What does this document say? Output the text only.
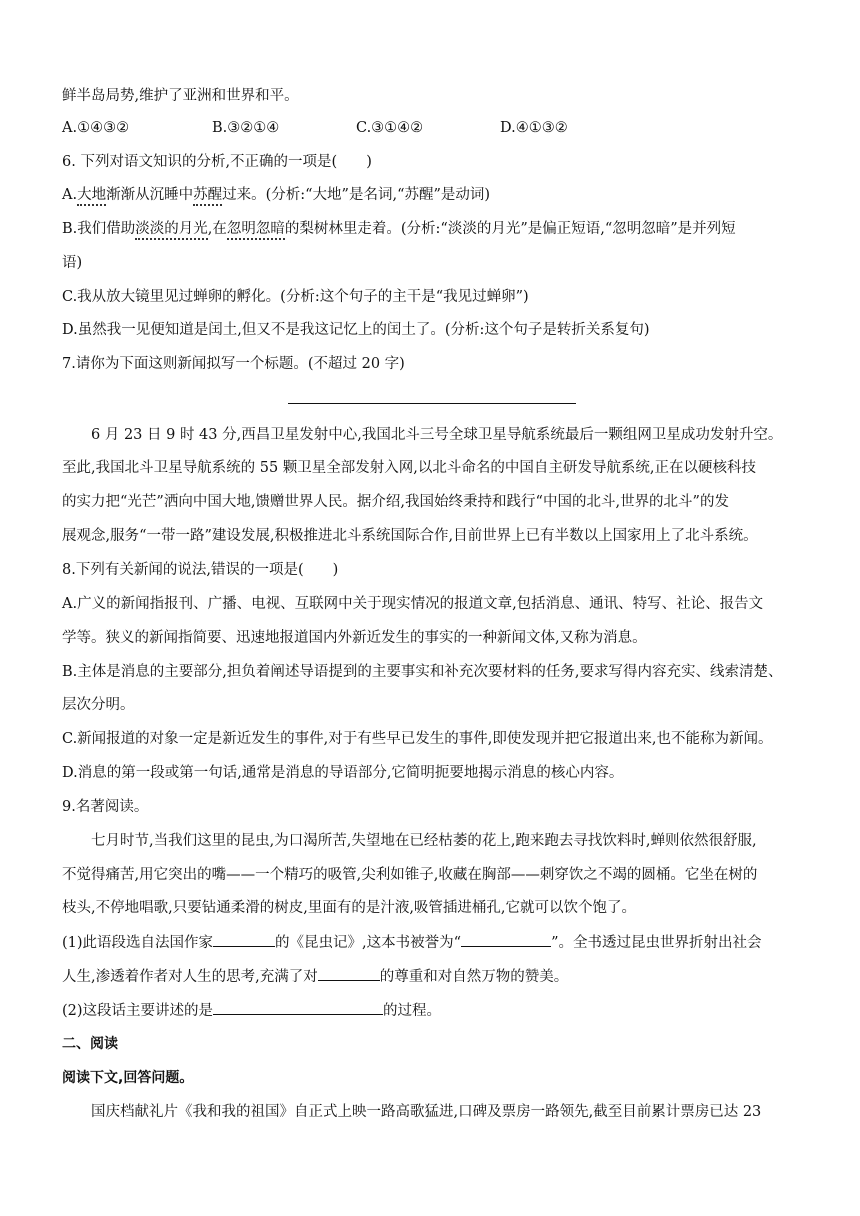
鲜半岛局势,维护了亚洲和世界和平。
A.①④③②	B.③②①④	C.③①④②	D.④①③②
6. 下列对语文知识的分析,不正确的一项是(　　)
A.大地渐渐从沉睡中苏醒过来。(分析:“大地”是名词,“苏醒”是动词)
B.我们借助淡淡的月光,在忽明忽暗的梨树林里走着。(分析:“淡淡的月光”是偏正短语,“忽明忽暗”是并列短
语)
C.我从放大镜里见过蝉卵的孵化。(分析:这个句子的主干是“我见过蝉卵”)
D.虽然我一见便知道是闰土,但又不是我这记忆上的闰土了。(分析:这个句子是转折关系复句)
7.请你为下面这则新闻拟写一个标题。(不超过 20 字)
6 月 23 日 9 时 43 分,西昌卫星发射中心,我国北斗三号全球卫星导航系统最后一颗组网卫星成功发射升空。
至此,我国北斗卫星导航系统的 55 颗卫星全部发射入网,以北斗命名的中国自主研发导航系统,正在以硬核科技
的实力把“光芒”洒向中国大地,馈赠世界人民。据介绍,我国始终秉持和践行“中国的北斗,世界的北斗”的发
展观念,服务“一带一路”建设发展,积极推进北斗系统国际合作,目前世界上已有半数以上国家用上了北斗系统。
8.下列有关新闻的说法,错误的一项是(　　)
A.广义的新闻指报刊、广播、电视、互联网中关于现实情况的报道文章,包括消息、通讯、特写、社论、报告文
学等。狭义的新闻指简要、迅速地报道国内外新近发生的事实的一种新闻文体,又称为消息。
B.主体是消息的主要部分,担负着阐述导语提到的主要事实和补充次要材料的任务,要求写得内容充实、线索清楚、
层次分明。
C.新闻报道的对象一定是新近发生的事件,对于有些早已发生的事件,即使发现并把它报道出来,也不能称为新闻。
D.消息的第一段或第一句话,通常是消息的导语部分,它简明扼要地揭示消息的核心内容。
9.名著阅读。
七月时节,当我们这里的昆虫,为口渴所苦,失望地在已经枯萎的花上,跑来跑去寻找饮料时,蝉则依然很舒服,
不觉得痛苦,用它突出的嘴——一个精巧的吸管,尖利如锥子,收藏在胸部——刺穿饮之不竭的圆桶。它坐在树的
枝头,不停地唱歌,只要钻通柔滑的树皮,里面有的是汁液,吸管插进桶孔,它就可以饮个饱了。
(1)此语段选自法国作家	的《昆虫记》,这本书被誉为“	”。全书透过昆虫世界折射出社会
人生,渗透着作者对人生的思考,充满了对	的尊重和对自然万物的赞美。
(2)这段话主要讲述的是	的过程。
二、阅读
阅读下文,回答问题。
国庆档献礼片《我和我的祖国》自正式上映一路高歌猛进,口碑及票房一路领先,截至目前累计票房已达 23
